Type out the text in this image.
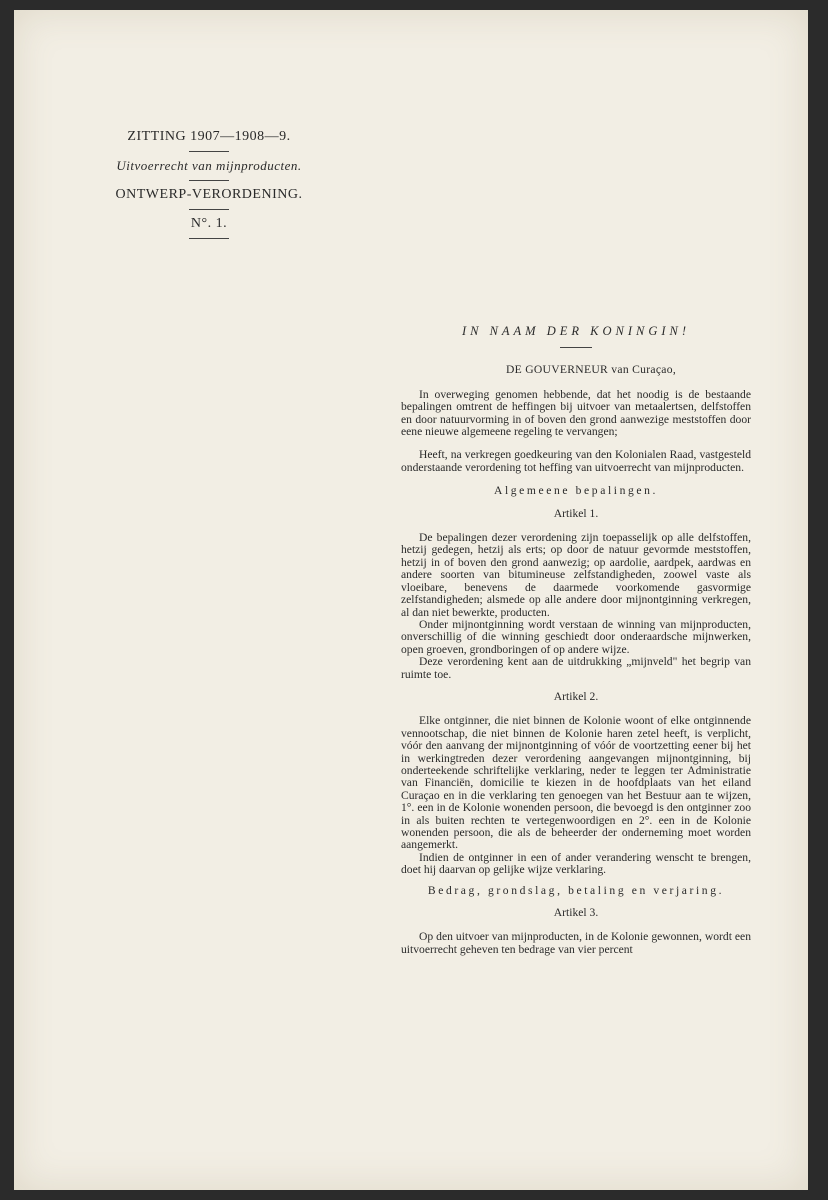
ZITTING 1907—1908—9.

Uitvoerrecht van mijnproducten.

ONTWERP-VERORDENING.

N°. 1.

IN NAAM DER KONINGIN!

DE GOUVERNEUR van Curaçao,

In overweging genomen hebbende, dat het noodig is de bestaande bepalingen omtrent de heffingen bij uitvoer van metaalertsen, delfstoffen en door natuurvorming in of boven den grond aanwezige meststoffen door eene nieuwe algemeene regeling te vervangen;

Heeft, na verkregen goedkeuring van den Kolonialen Raad, vastgesteld onderstaande verordening tot heffing van uitvoerrecht van mijnproducten.

Algemeene bepalingen.

Artikel 1.

De bepalingen dezer verordening zijn toepasselijk op alle delfstoffen, hetzij gedegen, hetzij als erts; op door de natuur gevormde meststoffen, hetzij in of boven den grond aanwezig; op aardolie, aardpek, aardwas en andere soorten van bitumineuse zelfstandigheden, zoowel vaste als vloeibare, benevens de daarmede voorkomende gasvormige zelfstandigheden; alsmede op alle andere door mijnontginning verkregen, al dan niet bewerkte, producten.

Onder mijnontginning wordt verstaan de winning van mijnproducten, onverschillig of die winning geschiedt door onderaardsche mijnwerken, open groeven, grondboringen of op andere wijze.

Deze verordening kent aan de uitdrukking „mijnveld" het begrip van ruimte toe.

Artikel 2.

Elke ontginner, die niet binnen de Kolonie woont of elke ontginnende vennootschap, die niet binnen de Kolonie haren zetel heeft, is verplicht, vóór den aanvang der mijnontginning of vóór de voortzetting eener bij het in werkingtreden dezer verordening aangevangen mijnontginning, bij onderteekende schriftelijke verklaring, neder te leggen ter Administratie van Financiën, domicilie te kiezen in de hoofdplaats van het eiland Curaçao en in die verklaring ten genoegen van het Bestuur aan te wijzen, 1°. een in de Kolonie wonenden persoon, die bevoegd is den ontginner zoo in als buiten rechten te vertegenwoordigen en 2°. een in de Kolonie wonenden persoon, die als de beheerder der onderneming moet worden aangemerkt.

Indien de ontginner in een of ander verandering wenscht te brengen, doet hij daarvan op gelijke wijze verklaring.

Bedrag, grondslag, betaling en verjaring.

Artikel 3.

Op den uitvoer van mijnproducten, in de Kolonie gewonnen, wordt een uitvoerrecht geheven ten bedrage van vier percent
